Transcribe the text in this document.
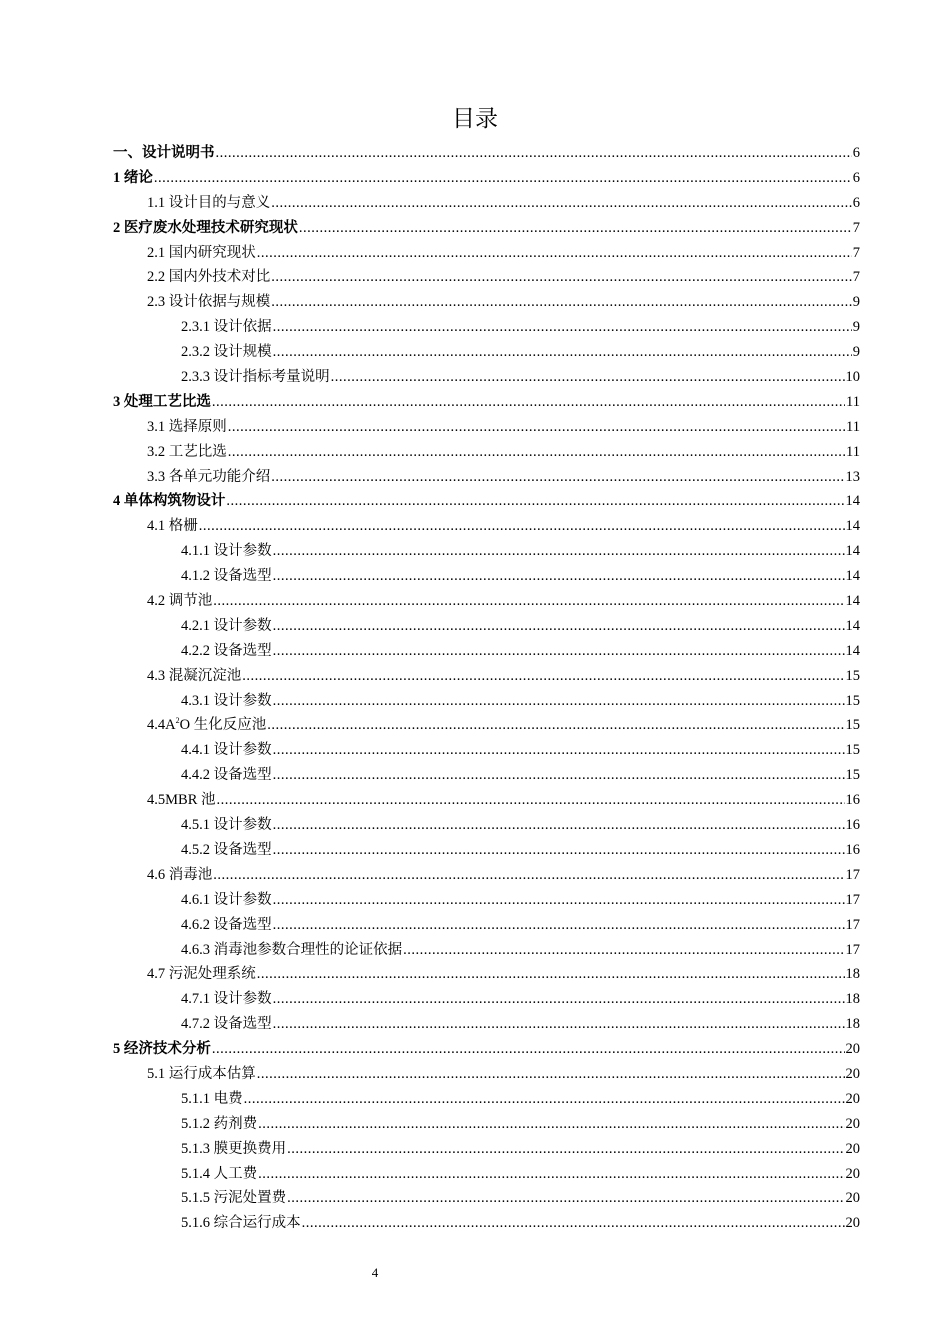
目录
一、设计说明书 .....	6
1 绪论 .....	6
1.1 设计目的与意义 .....	6
2 医疗废水处理技术研究现状 .....	7
2.1 国内研究现状 .....	7
2.2 国内外技术对比 .....	7
2.3 设计依据与规模 .....	9
2.3.1 设计依据 .....	9
2.3.2 设计规模 .....	9
2.3.3 设计指标考量说明 .....	10
3 处理工艺比选 .....	11
3.1 选择原则 .....	11
3.2 工艺比选 .....	11
3.3 各单元功能介绍 .....	13
4 单体构筑物设计 .....	14
4.1 格栅 .....	14
4.1.1 设计参数 .....	14
4.1.2 设备选型 .....	14
4.2 调节池 .....	14
4.2.1 设计参数 .....	14
4.2.2 设备选型 .....	14
4.3 混凝沉淀池 .....	15
4.3.1 设计参数 .....	15
$4.4A^2O$ 生化反应池 .....	15
4.4.1 设计参数 .....	15
4.4.2 设备选型 .....	15
4.5MBR 池 .....	16
4.5.1 设计参数 .....	16
4.5.2 设备选型 .....	16
4.6 消毒池 .....	17
4.6.1 设计参数 .....	17
4.6.2 设备选型 .....	17
4.6.3 消毒池参数合理性的论证依据 .....	17
4.7 污泥处理系统 .....	18
4.7.1 设计参数 .....	18
4.7.2 设备选型 .....	18
5 经济技术分析 .....	20
5.1 运行成本估算 .....	20
5.1.1 电费 .....	20
5.1.2 药剂费 .....	20
5.1.3 膜更换费用 .....	20
5.1.4 人工费 .....	20
5.1.5 污泥处置费 .....	20
5.1.6 综合运行成本 .....	20
4
